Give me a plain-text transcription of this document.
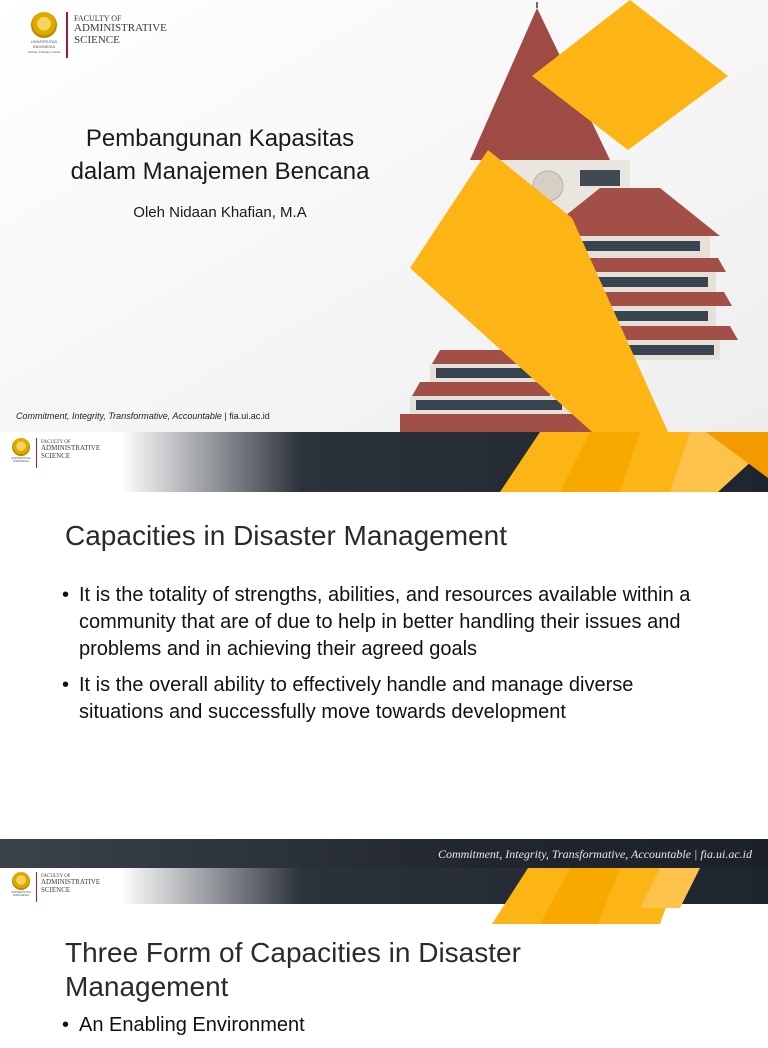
UNIVERSITAS INDONESIA
Veritas, Probitas, Iustitia
FACULTY OF
ADMINISTRATIVE
SCIENCE
Pembangunan Kapasitas
dalam Manajemen Bencana
Oleh Nidaan Khafian, M.A
Commitment, Integrity, Transformative, Accountable | fia.ui.ac.id
UNIVERSITAS INDONESIA
FACULTY OF
ADMINISTRATIVE
SCIENCE
Capacities in Disaster Management
• It is the totality of strengths, abilities, and resources available within a community that are of due to help in better handling their issues and problems and in achieving their agreed goals
• It is the overall ability to effectively handle and manage diverse situations and successfully move towards development
Commitment, Integrity, Transformative, Accountable | fia.ui.ac.id
UNIVERSITAS INDONESIA
FACULTY OF
ADMINISTRATIVE
SCIENCE
Three Form of Capacities in Disaster
Management
• An Enabling Environment
